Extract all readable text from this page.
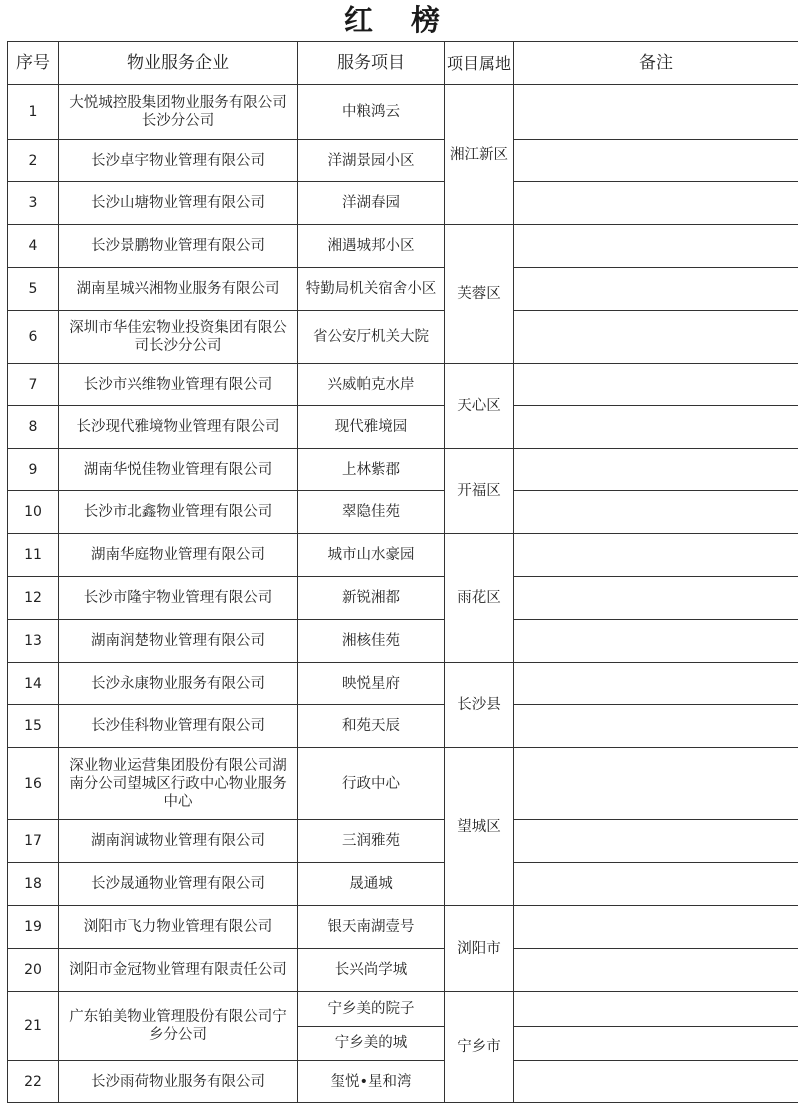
红 榜
序号	物业服务企业	服务项目	项目属地	备注
1	大悦城控股集团物业服务有限公司长沙分公司	中粮鸿云	湘江新区	
2	长沙卓宇物业管理有限公司	洋湖景园小区		
3	长沙山塘物业管理有限公司	洋湖春园		
4	长沙景鹏物业管理有限公司	湘遇城邦小区	芙蓉区	
5	湖南星城兴湘物业服务有限公司	特勤局机关宿舍小区		
6	深圳市华佳宏物业投资集团有限公司长沙分公司	省公安厅机关大院		
7	长沙市兴维物业管理有限公司	兴威帕克水岸	天心区	
8	长沙现代雅境物业管理有限公司	现代雅境园		
9	湖南华悦佳物业管理有限公司	上林紫郡	开福区	
10	长沙市北鑫物业管理有限公司	翠隐佳苑		
11	湖南华庭物业管理有限公司	城市山水豪园	雨花区	
12	长沙市隆宇物业管理有限公司	新锐湘都		
13	湖南润楚物业管理有限公司	湘核佳苑		
14	长沙永康物业服务有限公司	映悦星府	长沙县	
15	长沙佳科物业管理有限公司	和苑天辰		
16	深业物业运营集团股份有限公司湖南分公司望城区行政中心物业服务中心	行政中心	望城区	
17	湖南润诚物业管理有限公司	三润雅苑		
18	长沙晟通物业管理有限公司	晟通城		
19	浏阳市飞力物业管理有限公司	银天南湖壹号	浏阳市	
20	浏阳市金冠物业管理有限责任公司	长兴尚学城		
21	广东铂美物业管理股份有限公司宁乡分公司	宁乡美的院子	宁乡市	
		宁乡美的城		
22	长沙雨荷物业服务有限公司	玺悦•星和湾		
